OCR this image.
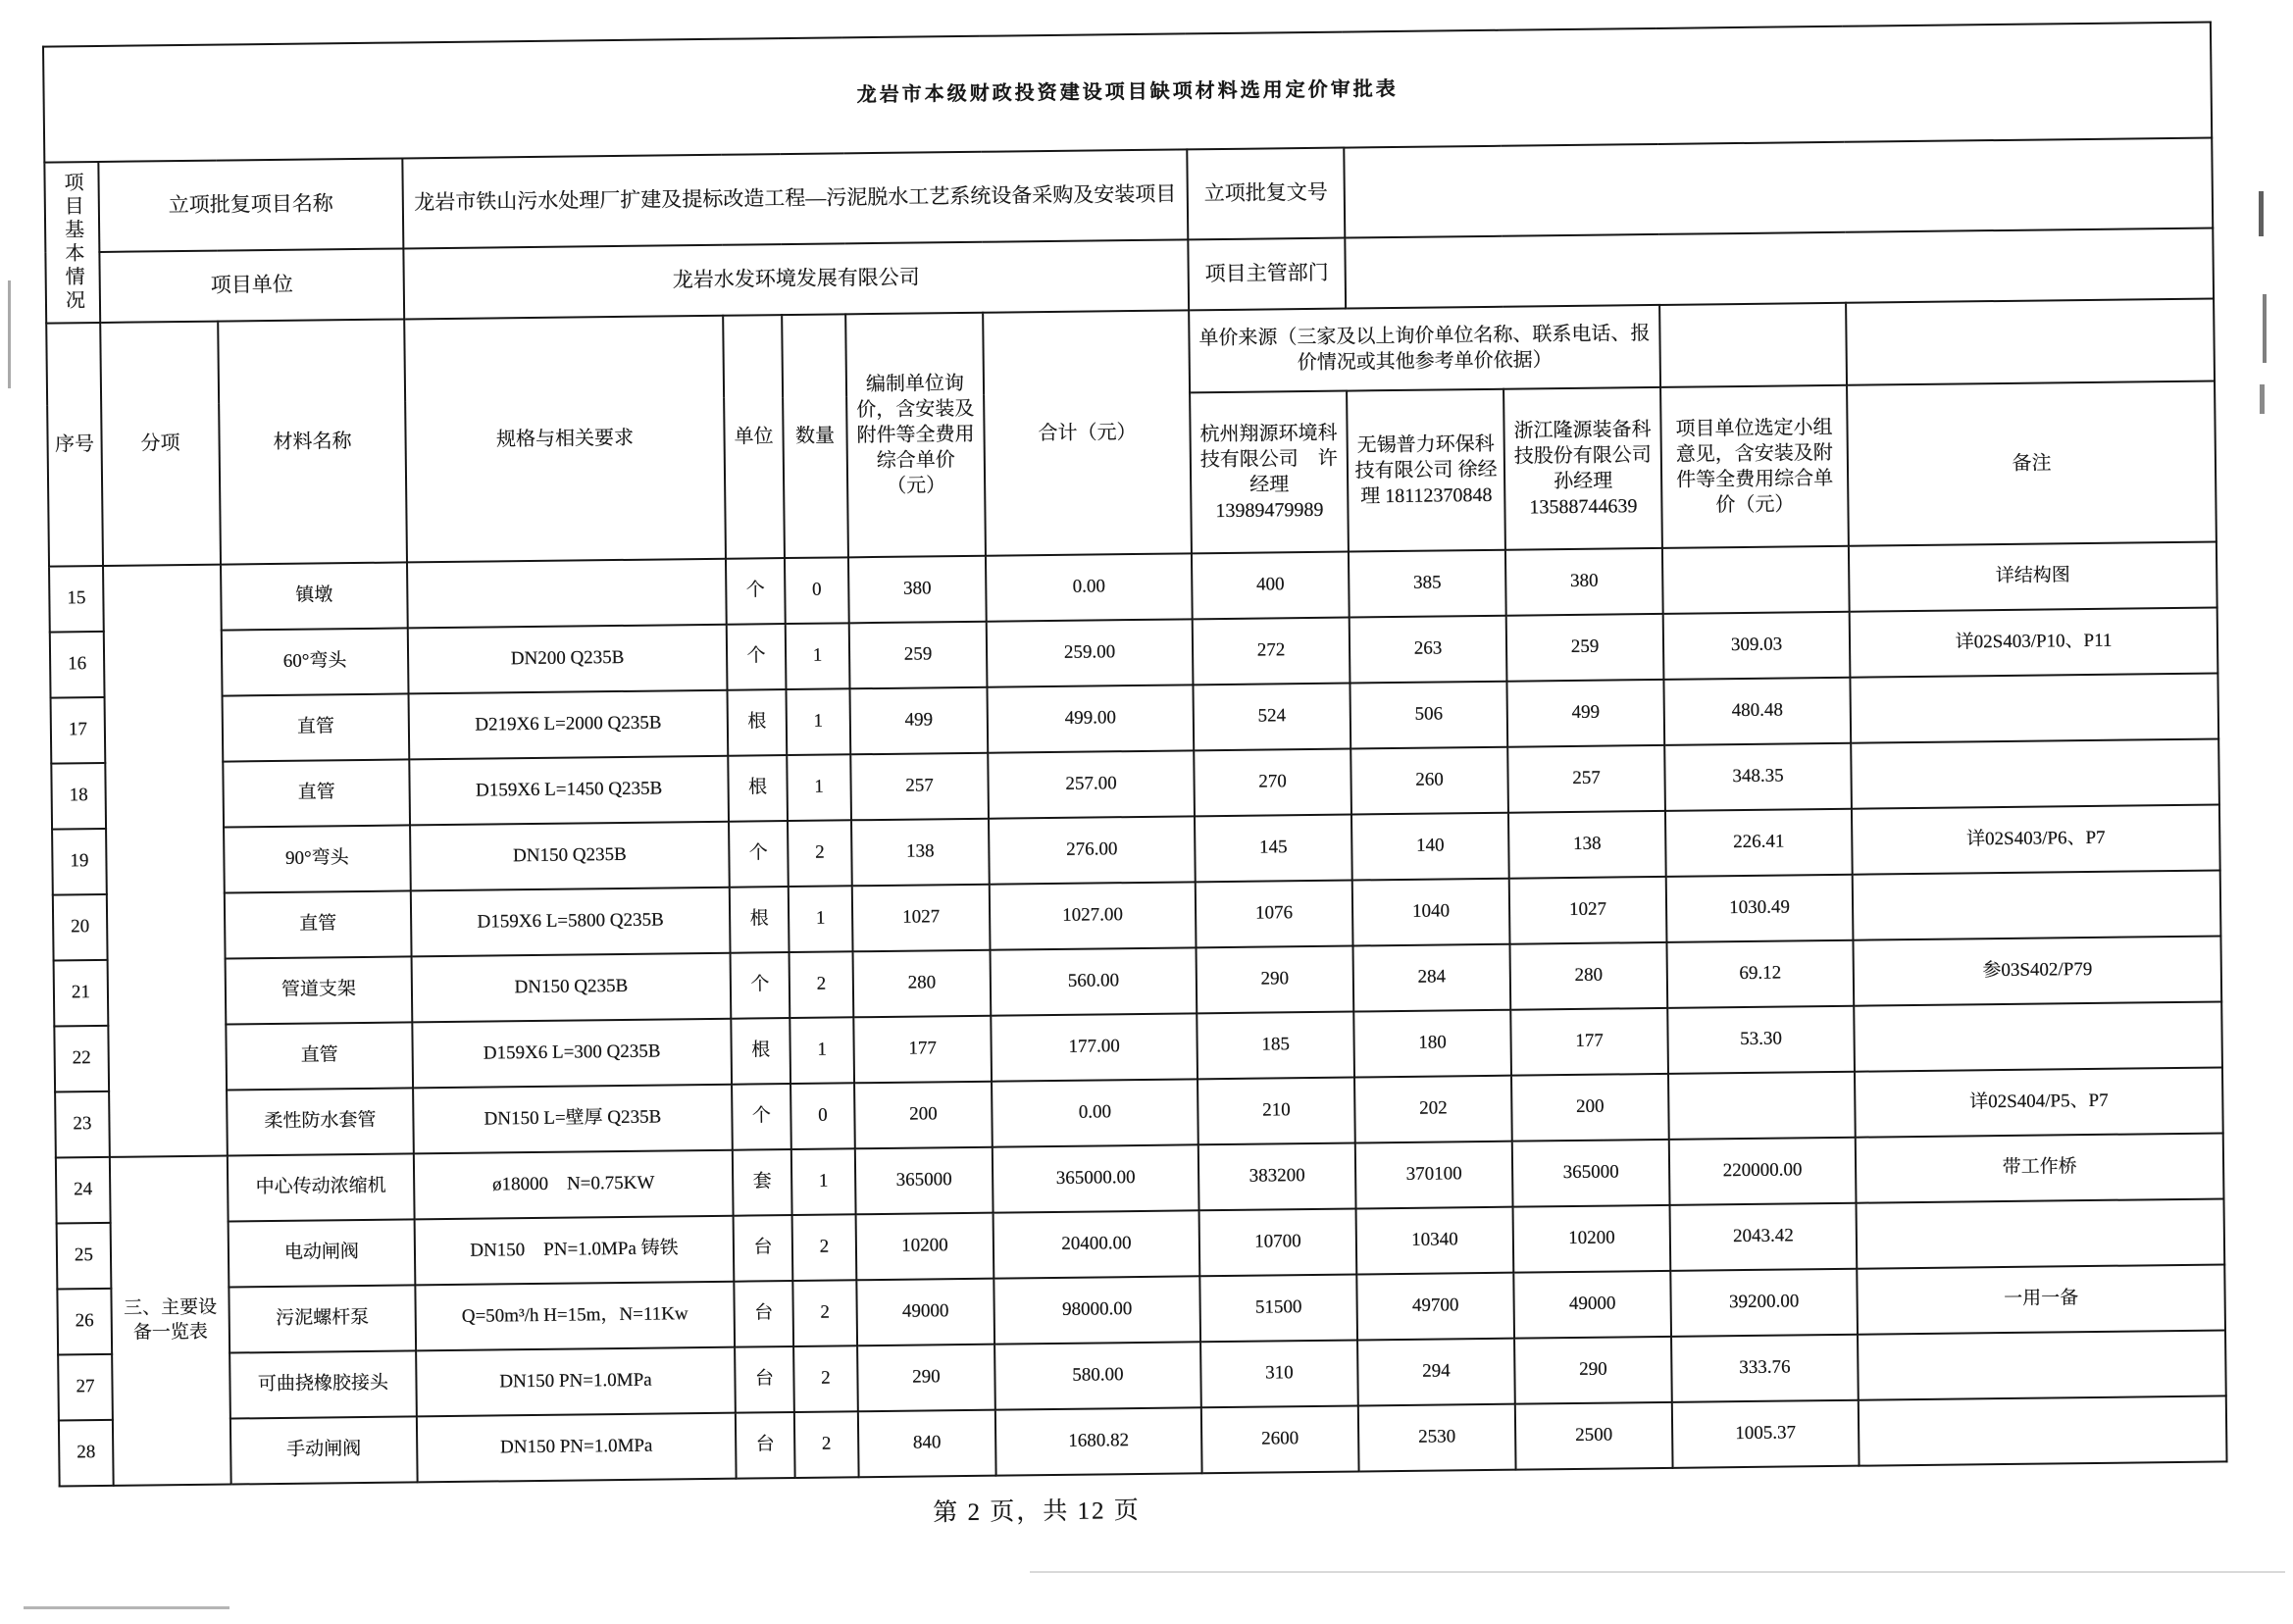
龙岩市本级财政投资建设项目缺项材料选用定价审批表												

项目基本情况	立项批复项目名称		龙岩市铁山污水处理厂扩建及提标改造工程—污泥脱水工艺系统设备采购及安装项目					立项批复文号				
	项目单位		龙岩水发环境发展有限公司					项目主管部门				
序号	分项	材料名称	规格与相关要求	单位	数量	编制单位询价，含安装及附件等全费用综合单价（元）	合计（元）	单价来源（三家及以上询价单位名称、联系电话、报价情况或其他参考单价依据）				
								杭州翔源环境科技有限公司　许经理 13989479989	无锡普力环保科技有限公司 徐经理 18112370848	浙江隆源装备科技股份有限公司 孙经理 13588744639	项目单位选定小组意见，含安装及附件等全费用综合单价（元）	备注
15		镇墩		个	0	380	0.00	400	385	380		详结构图
16		60°弯头	DN200 Q235B	个	1	259	259.00	272	263	259	309.03	详02S403/P10、P11
17		直管	D219X6 L=2000 Q235B	根	1	499	499.00	524	506	499	480.48	
18		直管	D159X6 L=1450 Q235B	根	1	257	257.00	270	260	257	348.35	
19		90°弯头	DN150 Q235B	个	2	138	276.00	145	140	138	226.41	详02S403/P6、P7
20		直管	D159X6 L=5800 Q235B	根	1	1027	1027.00	1076	1040	1027	1030.49	
21		管道支架	DN150 Q235B	个	2	280	560.00	290	284	280	69.12	参03S402/P79
22		直管	D159X6 L=300 Q235B	根	1	177	177.00	185	180	177	53.30	
23		柔性防水套管	DN150 L=壁厚 Q235B	个	0	200	0.00	210	202	200		详02S404/P5、P7
24	三、主要设备一览表	中心传动浓缩机	ø18000　N=0.75KW	套	1	365000	365000.00	383200	370100	365000	220000.00	带工作桥
25		电动闸阀	DN150　PN=1.0MPa 铸铁	台	2	10200	20400.00	10700	10340	10200	2043.42	
26		污泥螺杆泵	Q=50m³/h H=15m，N=11Kw	台	2	49000	98000.00	51500	49700	49000	39200.00	一用一备
27		可曲挠橡胶接头	DN150 PN=1.0MPa	台	2	290	580.00	310	294	290	333.76	
28		手动闸阀	DN150 PN=1.0MPa	台	2	840	1680.82	2600	2530	2500	1005.37	
第 2 页，共 12 页
